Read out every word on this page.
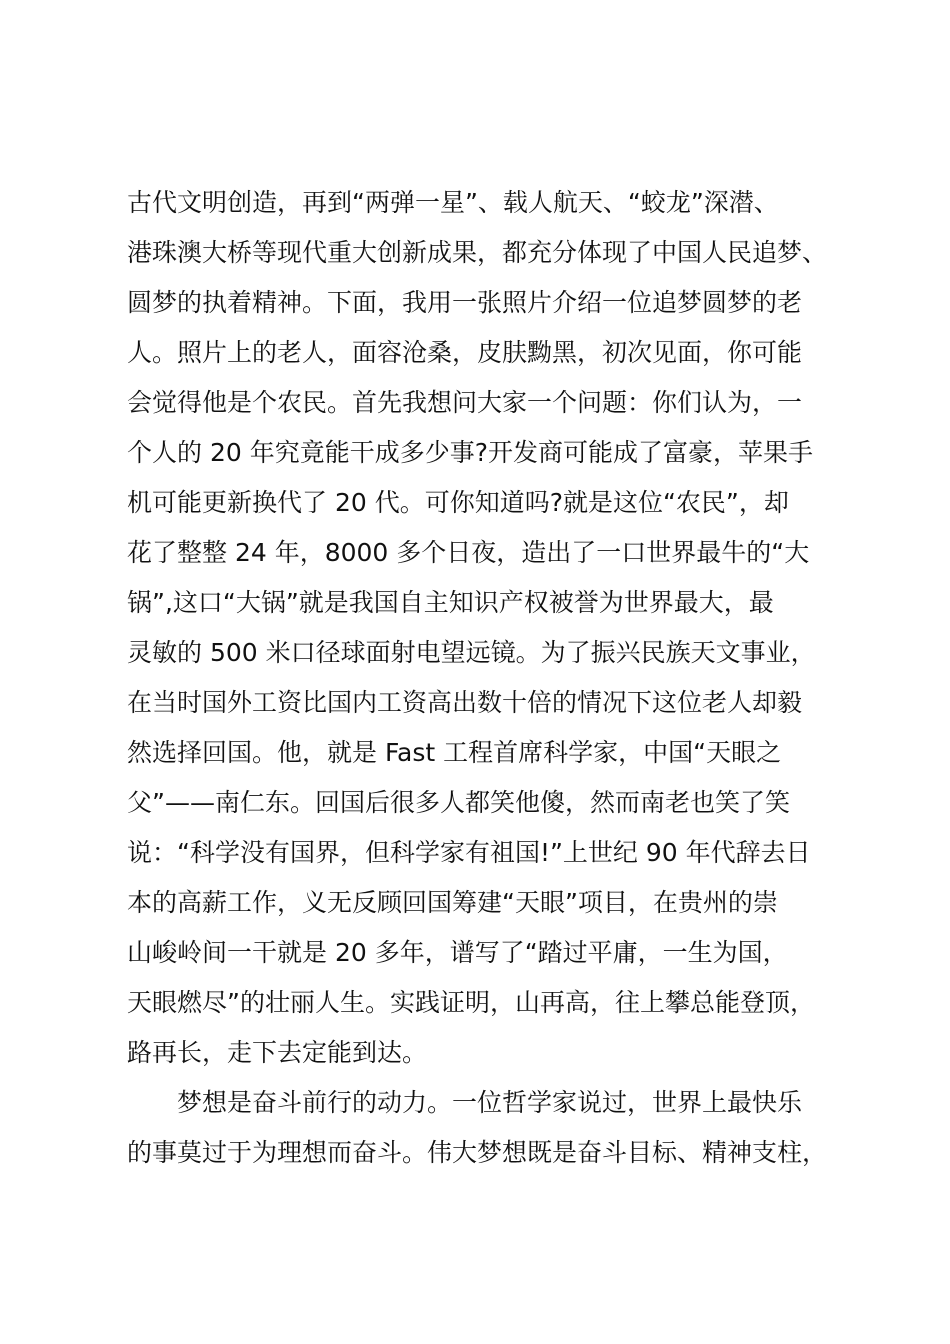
古代文明创造，再到“两弹一星”、载人航天、“蛟龙”深潜、
港珠澳大桥等现代重大创新成果，都充分体现了中国人民追梦、
圆梦的执着精神。下面，我用一张照片介绍一位追梦圆梦的老
人。照片上的老人，面容沧桑，皮肤黝黑，初次见面，你可能
会觉得他是个农民。首先我想问大家一个问题：你们认为，一
个人的 20 年究竟能干成多少事?开发商可能成了富豪，苹果手
机可能更新换代了 20 代。可你知道吗?就是这位“农民”，却
花了整整 24 年，8000 多个日夜，造出了一口世界最牛的“大
锅”,这口“大锅”就是我国自主知识产权被誉为世界最大，最
灵敏的 500 米口径球面射电望远镜。为了振兴民族天文事业，
在当时国外工资比国内工资高出数十倍的情况下这位老人却毅
然选择回国。他，就是 Fast 工程首席科学家，中国“天眼之
父”——南仁东。回国后很多人都笑他傻，然而南老也笑了笑
说：“科学没有国界，但科学家有祖国!”上世纪 90 年代辞去日
本的高薪工作，义无反顾回国筹建“天眼”项目，在贵州的崇
山峻岭间一干就是 20 多年，谱写了“踏过平庸，一生为国，
天眼燃尽”的壮丽人生。实践证明，山再高，往上攀总能登顶，
路再长，走下去定能到达。
梦想是奋斗前行的动力。一位哲学家说过，世界上最快乐
的事莫过于为理想而奋斗。伟大梦想既是奋斗目标、精神支柱，
